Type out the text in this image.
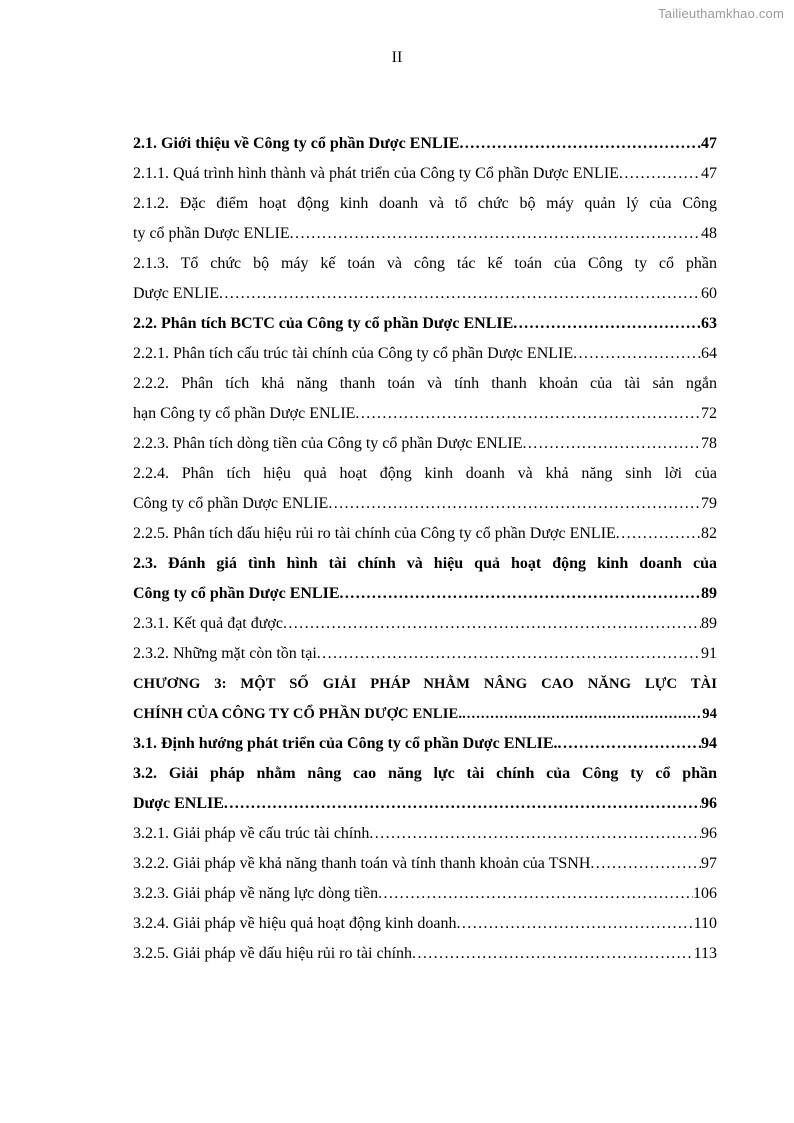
Tailieuthamkhao.com
II
2.1. Giới thiệu về Công ty cổ phần Dược ENLIE . . .	47
2.1.1. Quá trình hình thành và phát triển của Công ty Cổ phần Dược ENLIE . . .	47
2.1.2. Đặc điểm hoạt động kinh doanh và tổ chức bộ máy quản lý của Công
ty cổ phần Dược ENLIE . . .	48
2.1.3. Tổ chức bộ máy kế toán và công tác kế toán của Công ty cổ phần
Dược ENLIE . . .	60
2.2. Phân tích BCTC của Công ty cổ phần Dược ENLIE . . .	63
2.2.1. Phân tích cấu trúc tài chính của Công ty cổ phần Dược ENLIE . . .	64
2.2.2. Phân tích khả năng thanh toán và tính thanh khoản của tài sản ngắn
hạn Công ty cổ phần Dược ENLIE . . .	72
2.2.3. Phân tích dòng tiền của Công ty cổ phần Dược ENLIE . . .	78
2.2.4. Phân tích hiệu quả hoạt động kinh doanh và khả năng sinh lời của
Công ty cổ phần Dược ENLIE . . .	79
2.2.5. Phân tích dấu hiệu rủi ro tài chính của Công ty cổ phần Dược ENLIE . . .	82
2.3. Đánh giá tình hình tài chính và hiệu quả hoạt động kinh doanh của
Công ty cổ phần Dược ENLIE . . .	89
2.3.1. Kết quả đạt được . . .	89
2.3.2. Những mặt còn tồn tại . . .	91
CHƯƠNG 3: MỘT SỐ GIẢI PHÁP NHẰM NÂNG CAO NĂNG LỰC TÀI
CHÍNH CỦA CÔNG TY CỔ PHẦN DƯỢC ENLIE. . . .	94
3.1. Định hướng phát triển của Công ty cổ phần Dược ENLIE. . . .	94
3.2. Giải pháp nhằm nâng cao năng lực tài chính của Công ty cổ phần
Dược ENLIE . . .	96
3.2.1. Giải pháp về cấu trúc tài chính . . .	96
3.2.2. Giải pháp về khả năng thanh toán và tính thanh khoản của TSNH . . .	97
3.2.3. Giải pháp về năng lực dòng tiền . . .	106
3.2.4. Giải pháp về hiệu quả hoạt động kinh doanh . . .	110
3.2.5. Giải pháp về dấu hiệu rủi ro tài chính . . .	113
